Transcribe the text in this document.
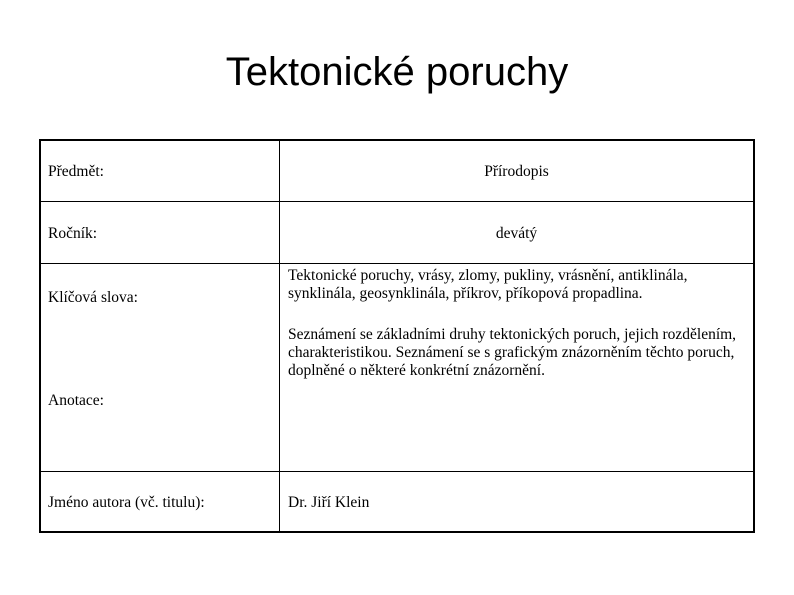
Tektonické poruchy
Předmět:	Přírodopis
Ročník:	devátý
Klíčová slova:
Tektonické poruchy, vrásy, zlomy, pukliny, vrásnění, antiklinála, synklinála, geosynklinála, příkrov, příkopová propadlina.
Anotace:
Seznámení se základními druhy tektonických poruch, jejich rozdělením, charakteristikou. Seznámení se s grafickým znázorněním těchto poruch, doplněné o některé konkrétní znázornění.
Jméno autora (vč. titulu):	Dr. Jiří Klein
